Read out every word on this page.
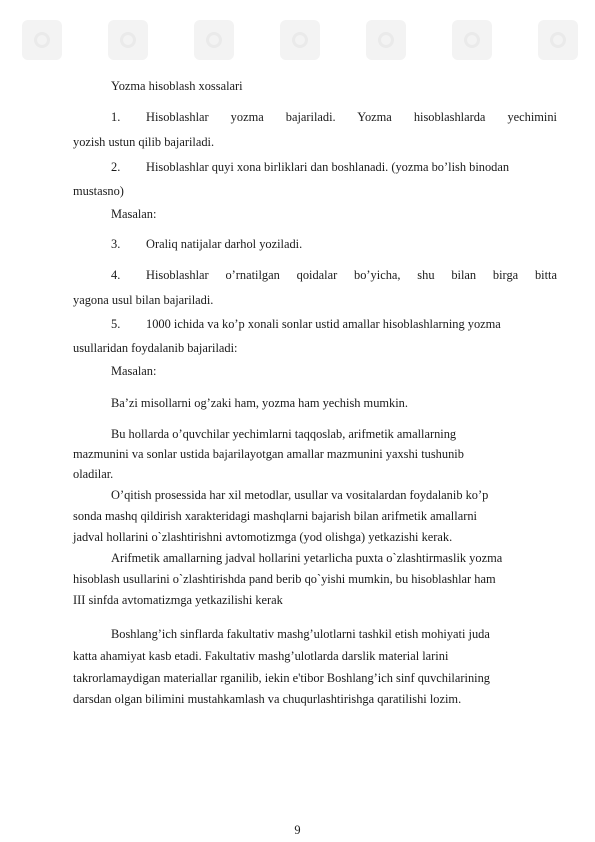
Yozma hisoblash xossalari
1.	Hisoblashlar yozma bajariladi. Yozma hisoblashlarda yechimini
yozish ustun qilib bajariladi.
2.	Hisoblashlar quyi xona birliklari dan boshlanadi. (yozma bo’lish binodan
mustasno)
Masalan:
3.	Oraliq natijalar darhol yoziladi.
4.	Hisoblashlar o’rnatilgan qoidalar bo’yicha, shu bilan birga bitta
yagona usul bilan bajariladi.
5.	1000 ichida va ko’p xonali sonlar ustid amallar hisoblashlarning yozma
usullaridan foydalanib bajariladi:
Masalan:
Ba’zi misollarni og’zaki ham, yozma ham yechish mumkin.
Bu hollarda o’quvchilar yechimlarni taqqoslab, arifmetik amallarning
mazmunini va sonlar ustida bajarilayotgan amallar mazmunini yaxshi tushunib
oladilar.
O’qitish prosessida har xil metodlar, usullar va vositalardan foydalanib ko’p
sonda mashq qildirish xarakteridagi mashqlarni bajarish bilan arifmetik amallarni
jadval hollarini o`zlashtirishni avtomotizmga (yod olishga) yetkazishi kerak.
Arifmetik amallarning jadval hollarini yetarlicha puxta o`zlashtirmaslik yozma
hisoblash usullarini o`zlashtirishda pand berib qo`yishi mumkin, bu hisoblashlar ham
III sinfda avtomatizmga yetkazilishi kerak
Boshlang’ich sinflarda fakultativ mashg’ulotlarni tashkil etish mohiyati juda
katta ahamiyat kasb etadi. Fakultativ mashg’ulotlarda darslik material larini
takrorlamaydigan materiallar rganilib, iekin e'tibor Boshlang’ich sinf quvchilarining
darsdan olgan bilimini mustahkamlash va chuqurlashtirishga qaratilishi lozim.
9
